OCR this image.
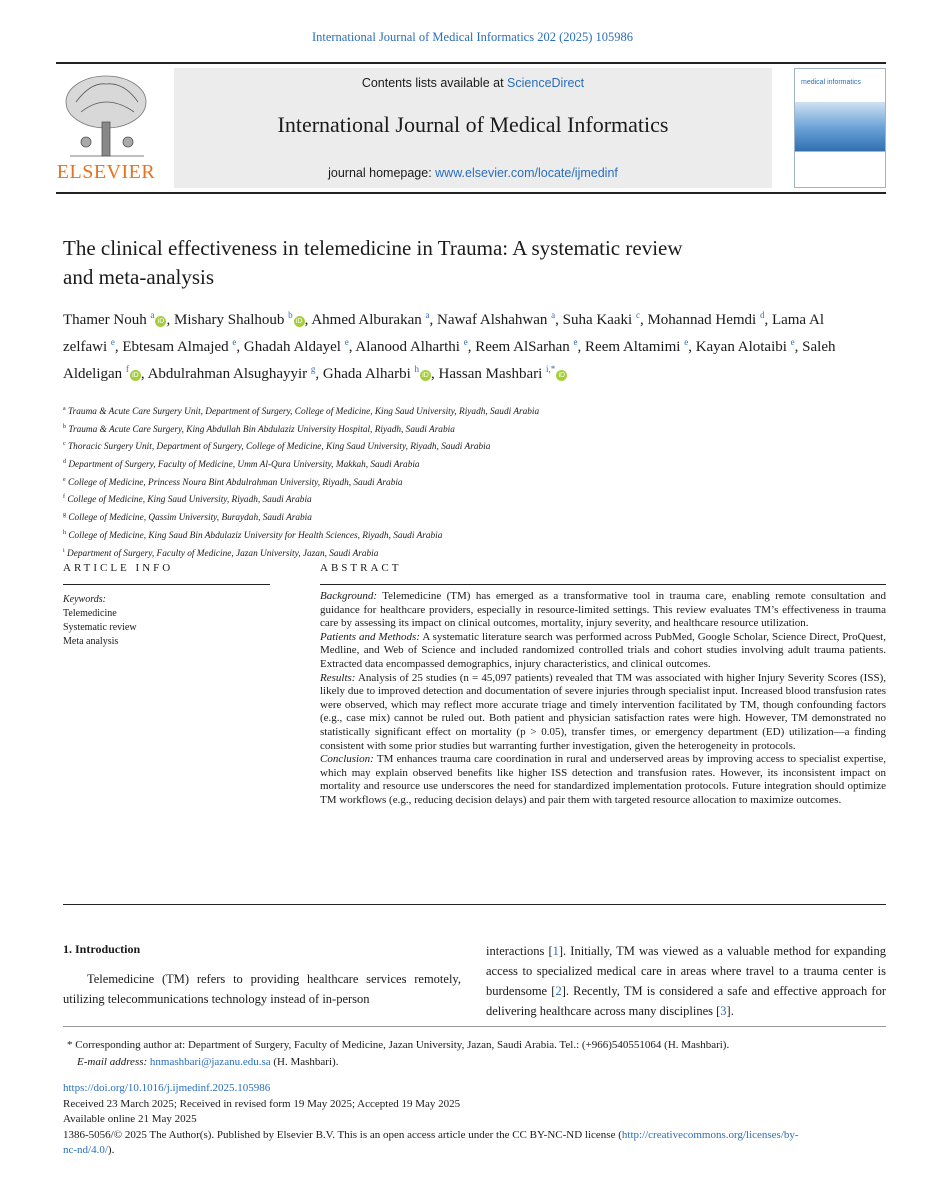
International Journal of Medical Informatics 202 (2025) 105986
ELSEVIER
Contents lists available at ScienceDirect
International Journal of Medical Informatics
journal homepage: www.elsevier.com/locate/ijmedinf
medical informatics
The clinical effectiveness in telemedicine in Trauma: A systematic review
and meta-analysis
Thamer Nouh $^a$iD , Mishary Shalhoub $^b$iD , Ahmed Alburakan $^a$, Nawaf Alshahwan $^a$, Suha Kaaki $^c$, Mohannad Hemdi $^d$, Lama Al zelfawi $^e$, Ebtesam Almajed $^e$, Ghadah Aldayel $^e$, Alanood Alharthi $^e$, Reem AlSarhan $^e$, Reem Altamimi $^e$, Kayan Alotaibi $^e$, Saleh Aldeligan $^f$iD , Abdulrahman Alsughayyir $^g$, Ghada Alharbi $^h$iD , Hassan Mashbari $^{i,*}$iD
$^a$ Trauma & Acute Care Surgery Unit, Department of Surgery, College of Medicine, King Saud University, Riyadh, Saudi Arabia
$^b$ Trauma & Acute Care Surgery, King Abdullah Bin Abdulaziz University Hospital, Riyadh, Saudi Arabia
$^c$ Thoracic Surgery Unit, Department of Surgery, College of Medicine, King Saud University, Riyadh, Saudi Arabia
$^d$ Department of Surgery, Faculty of Medicine, Umm Al-Qura University, Makkah, Saudi Arabia
$^e$ College of Medicine, Princess Noura Bint Abdulrahman University, Riyadh, Saudi Arabia
$^f$ College of Medicine, King Saud University, Riyadh, Saudi Arabia
$^g$ College of Medicine, Qassim University, Buraydah, Saudi Arabia
$^h$ College of Medicine, King Saud Bin Abdulaziz University for Health Sciences, Riyadh, Saudi Arabia
$^i$ Department of Surgery, Faculty of Medicine, Jazan University, Jazan, Saudi Arabia
ARTICLE INFO	ABSTRACT
Keywords:
Telemedicine
Systematic review
Meta analysis

Background: Telemedicine (TM) has emerged as a transformative tool in trauma care, enabling remote consultation and guidance for healthcare providers, especially in resource-limited settings. This review evaluates TM’s effectiveness in trauma care by assessing its impact on clinical outcomes, mortality, injury severity, and healthcare resource utilization.

Patients and Methods: A systematic literature search was performed across PubMed, Google Scholar, Science Direct, ProQuest, Medline, and Web of Science and included randomized controlled trials and cohort studies involving adult trauma patients. Extracted data encompassed demographics, injury characteristics, and clinical outcomes.

Results: Analysis of 25 studies (n = 45,097 patients) revealed that TM was associated with higher Injury Severity Scores (ISS), likely due to improved detection and documentation of severe injuries through specialist input. Increased blood transfusion rates were observed, which may reflect more accurate triage and timely intervention facilitated by TM, though confounding factors (e.g., case mix) cannot be ruled out. Both patient and physician satisfaction rates were high. However, TM demonstrated no statistically significant effect on mortality (p > 0.05), transfer times, or emergency department (ED) utilization—a finding consistent with some prior studies but warranting further investigation, given the heterogeneity in protocols.

Conclusion: TM enhances trauma care coordination in rural and underserved areas by improving access to specialist expertise, which may explain observed benefits like higher ISS detection and transfusion rates. However, its inconsistent impact on mortality and resource use underscores the need for standardized implementation protocols. Future integration should optimize TM workflows (e.g., reducing decision delays) and pair them with targeted resource allocation to maximize outcomes.

1. Introduction
Telemedicine (TM) refers to providing healthcare services remotely, utilizing telecommunications technology instead of in-person
interactions [1]. Initially, TM was viewed as a valuable method for expanding access to specialized medical care in areas where travel to a trauma center is burdensome [2]. Recently, TM is considered a safe and effective approach for delivering healthcare across many disciplines [3].
* Corresponding author at: Department of Surgery, Faculty of Medicine, Jazan University, Jazan, Saudi Arabia. Tel.: (+966)540551064 (H. Mashbari).
E-mail address: hnmashbari@jazanu.edu.sa (H. Mashbari).
https://doi.org/10.1016/j.ijmedinf.2025.105986
Received 23 March 2025; Received in revised form 19 May 2025; Accepted 19 May 2025
Available online 21 May 2025
1386-5056/© 2025 The Author(s). Published by Elsevier B.V. This is an open access article under the CC BY-NC-ND license (http://creativecommons.org/licenses/by-
nc-nd/4.0/).
